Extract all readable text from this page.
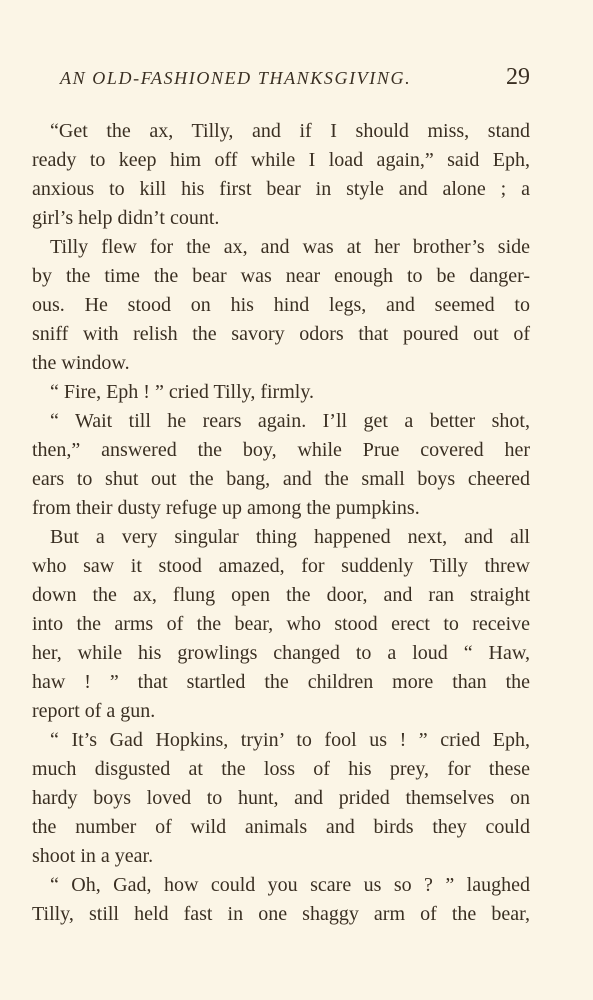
AN OLD-FASHIONED THANKSGIVING.	29
“Get the ax, Tilly, and if I should miss, stand
ready to keep him off while I load again,” said Eph,
anxious to kill his first bear in style and alone ; a
girl’s help didn’t count.
Tilly flew for the ax, and was at her brother’s side
by the time the bear was near enough to be danger-
ous. He stood on his hind legs, and seemed to
sniff with relish the savory odors that poured out of
the window.
“ Fire, Eph ! ” cried Tilly, firmly.
“ Wait till he rears again. I’ll get a better shot,
then,” answered the boy, while Prue covered her
ears to shut out the bang, and the small boys cheered
from their dusty refuge up among the pumpkins.
But a very singular thing happened next, and all
who saw it stood amazed, for suddenly Tilly threw
down the ax, flung open the door, and ran straight
into the arms of the bear, who stood erect to receive
her, while his growlings changed to a loud “ Haw,
haw ! ” that startled the children more than the
report of a gun.
“ It’s Gad Hopkins, tryin’ to fool us ! ” cried Eph,
much disgusted at the loss of his prey, for these
hardy boys loved to hunt, and prided themselves on
the number of wild animals and birds they could
shoot in a year.
“ Oh, Gad, how could you scare us so ? ” laughed
Tilly, still held fast in one shaggy arm of the bear,
